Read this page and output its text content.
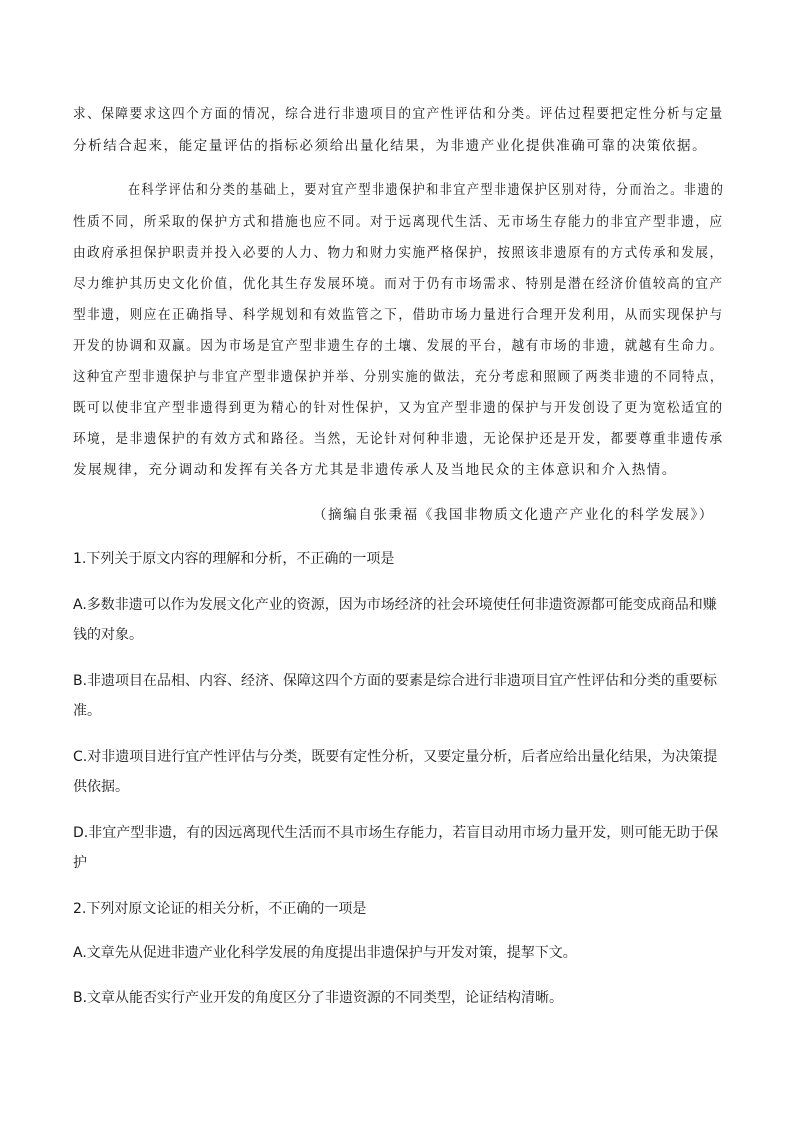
求、保障要求这四个方面的情况，综合进行非遗项目的宜产性评估和分类。评估过程要把定性分析与定量
分析结合起来，能定量评估的指标必须给出量化结果，为非遗产业化提供准确可靠的决策依据。
在科学评估和分类的基础上，要对宜产型非遗保护和非宜产型非遗保护区别对待，分而治之。非遗的
性质不同，所采取的保护方式和措施也应不同。对于远离现代生活、无市场生存能力的非宜产型非遗，应
由政府承担保护职责并投入必要的人力、物力和财力实施严格保护，按照该非遗原有的方式传承和发展，
尽力维护其历史文化价值，优化其生存发展环境。而对于仍有市场需求、特别是潜在经济价值较高的宜产
型非遗，则应在正确指导、科学规划和有效监管之下，借助市场力量进行合理开发利用，从而实现保护与
开发的协调和双赢。因为市场是宜产型非遗生存的土壤、发展的平台，越有市场的非遗，就越有生命力。
这种宜产型非遗保护与非宜产型非遗保护并举、分别实施的做法，充分考虑和照顾了两类非遗的不同特点，
既可以使非宜产型非遗得到更为精心的针对性保护，又为宜产型非遗的保护与开发创设了更为宽松适宜的
环境，是非遗保护的有效方式和路径。当然，无论针对何种非遗，无论保护还是开发，都要尊重非遗传承
发展规律，充分调动和发挥有关各方尤其是非遗传承人及当地民众的主体意识和介入热情。
（摘编自张秉福《我国非物质文化遗产产业化的科学发展》）
1.下列关于原文内容的理解和分析，不正确的一项是
A.多数非遗可以作为发展文化产业的资源，因为市场经济的社会环境使任何非遗资源都可能变成商品和赚
钱的对象。
B.非遗项目在品相、内容、经济、保障这四个方面的要素是综合进行非遗项目宜产性评估和分类的重要标
准。
C.对非遗项目进行宜产性评估与分类，既要有定性分析，又要定量分析，后者应给出量化结果，为决策提
供依据。
D.非宜产型非遗，有的因远离现代生活而不具市场生存能力，若盲目动用市场力量开发，则可能无助于保
护
2.下列对原文论证的相关分析，不正确的一项是
A.文章先从促进非遗产业化科学发展的角度提出非遗保护与开发对策，提挈下文。
B.文章从能否实行产业开发的角度区分了非遗资源的不同类型，论证结构清晰。
